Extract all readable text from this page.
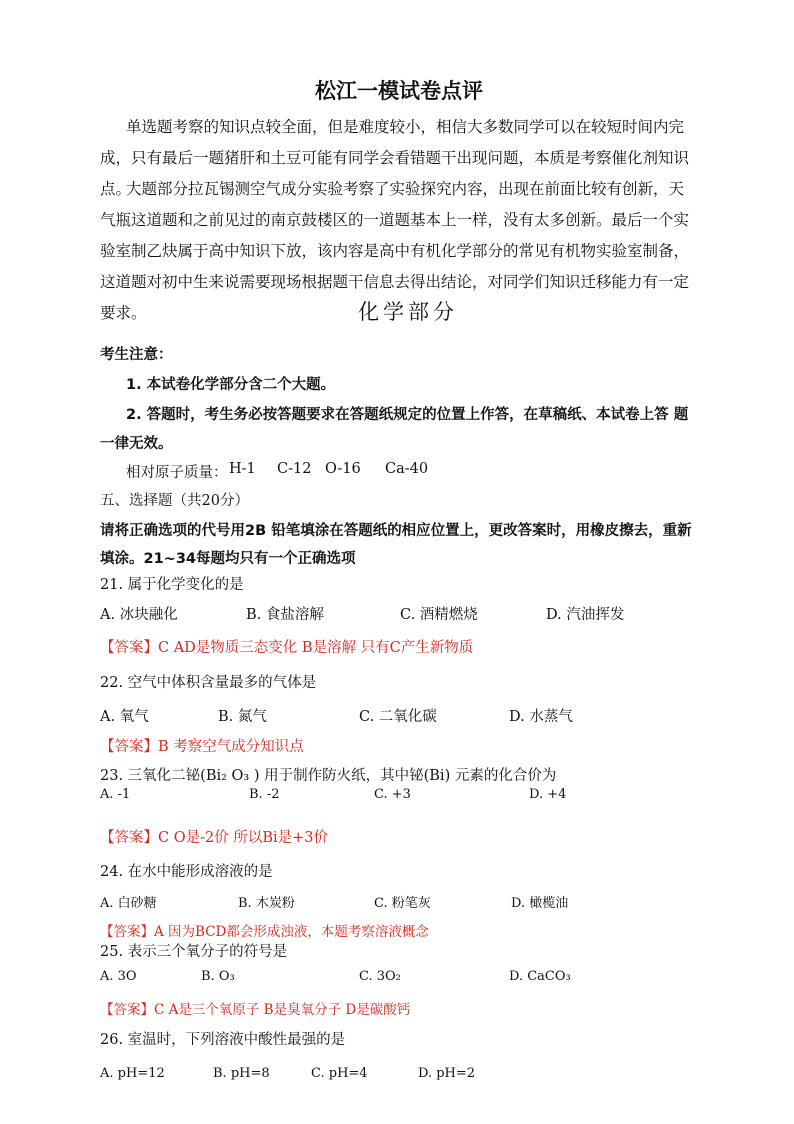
松江一模试卷点评
单选题考察的知识点较全面，但是难度较小，相信大多数同学可以在较短时间内完成，只有最后一题猪肝和土豆可能有同学会看错题干出现问题，本质是考察催化剂知识点。
大题部分拉瓦锡测空气成分实验考察了实验探究内容，出现在前面比较有创新，天气瓶这道题和之前见过的南京鼓楼区的一道题基本上一样，没有太多创新。最后一个实验室制乙炔属于高中知识下放，该内容是高中有机化学部分的常见有机物实验室制备，这道题对初中生来说需要现场根据题干信息去得出结论，对同学们知识迁移能力有一定要求。	化学部分
考生注意：
1. 本试卷化学部分含二个大题。
2. 答题时，考生务必按答题要求在答题纸规定的位置上作答，在草稿纸、本试卷上答 题
一律无效。
相对原子质量： H-1 C-12 O-16 Ca-40
五、选择题（共20分）
请将正确选项的代号用2B 铅笔填涂在答题纸的相应位置上，更改答案时，用橡皮擦去，重新
填涂。21~34每题均只有一个正确选项
21. 属于化学变化的是
A. 冰块融化	B. 食盐溶解	C. 酒精燃烧	D. 汽油挥发
【答案】C AD是物质三态变化 B是溶解 只有C产生新物质
22. 空气中体积含量最多的气体是
A. 氧气	B. 氮气	C. 二氧化碳	D. 水蒸气
【答案】B 考察空气成分知识点
23. 三氧化二铋(Bi₂ O₃ ) 用于制作防火纸，其中铋(Bi) 元素的化合价为
A. -1	B. -2	C. +3	D. +4
【答案】C O是-2价 所以Bi是+3价
24. 在水中能形成溶液的是
A. 白砂糖	B. 木炭粉	C. 粉笔灰	D. 橄榄油
【答案】A 因为BCD都会形成浊液，本题考察溶液概念
25. 表示三个氧分子的符号是
A. 3O	B. O₃	C. 3O₂	D. CaCO₃
【答案】C A是三个氧原子 B是臭氧分子 D是碳酸钙
26. 室温时，下列溶液中酸性最强的是
A. pH=12	B. pH=8	C. pH=4	D. pH=2
